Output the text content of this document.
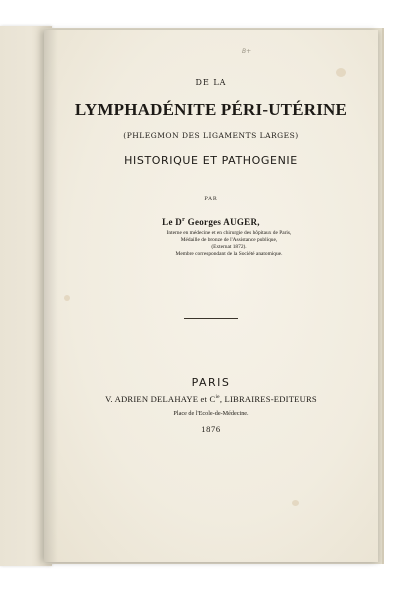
B+

DE LA

LYMPHADÉNITE PÉRI-UTÉRINE

(PHLEGMON DES LIGAMENTS LARGES)

HISTORIQUE ET PATHOGENIE

PAR

Le $D^r$ Georges AUGER,

Interne en médecine et en chirurgie des hôpitaux de Paris,

Médaille de bronze de l'Assistance publique,

(Externat 1872).

Membre correspondant de la Société anatomique.

PARIS

V. ADRIEN DELAHAYE et $C^{ie}$, LIBRAIRES-EDITEURS

Place de l'Ecole-de-Médecine.

1876
